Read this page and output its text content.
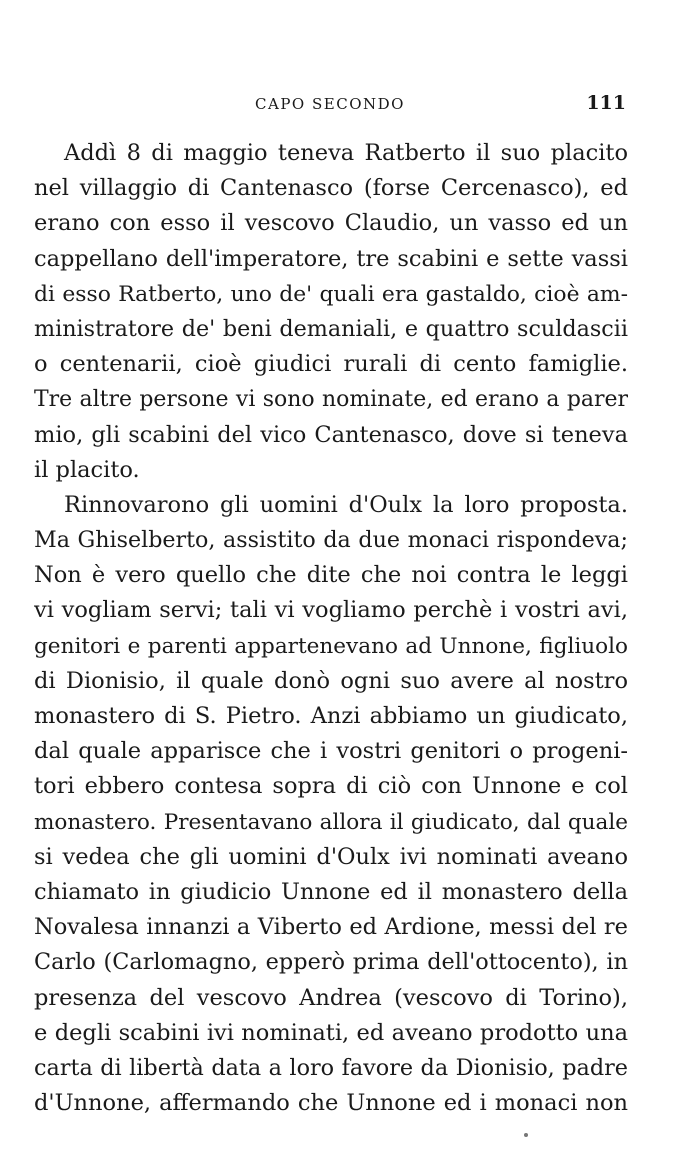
CAPO SECONDO	111
Addì 8 di maggio teneva Ratberto il suo placito
nel villaggio di Cantenasco (forse Cercenasco), ed
erano con esso il vescovo Claudio, un vasso ed un
cappellano dell'imperatore, tre scabini e sette vassi
di esso Ratberto, uno de' quali era gastaldo, cioè am-
ministratore de' beni demaniali, e quattro sculdascii
o centenarii, cioè giudici rurali di cento famiglie.
Tre altre persone vi sono nominate, ed erano a parer
mio, gli scabini del vico Cantenasco, dove si teneva
il placito.
Rinnovarono gli uomini d'Oulx la loro proposta.
Ma Ghiselberto, assistito da due monaci rispondeva;
Non è vero quello che dite che noi contra le leggi
vi vogliam servi; tali vi vogliamo perchè i vostri avi,
genitori e parenti appartenevano ad Unnone, figliuolo
di Dionisio, il quale donò ogni suo avere al nostro
monastero di S. Pietro. Anzi abbiamo un giudicato,
dal quale apparisce che i vostri genitori o progeni-
tori ebbero contesa sopra di ciò con Unnone e col
monastero. Presentavano allora il giudicato, dal quale
si vedea che gli uomini d'Oulx ivi nominati aveano
chiamato in giudicio Unnone ed il monastero della
Novalesa innanzi a Viberto ed Ardione, messi del re
Carlo (Carlomagno, epperò prima dell'ottocento), in
presenza del vescovo Andrea (vescovo di Torino),
e degli scabini ivi nominati, ed aveano prodotto una
carta di libertà data a loro favore da Dionisio, padre
d'Unnone, affermando che Unnone ed i monaci non
